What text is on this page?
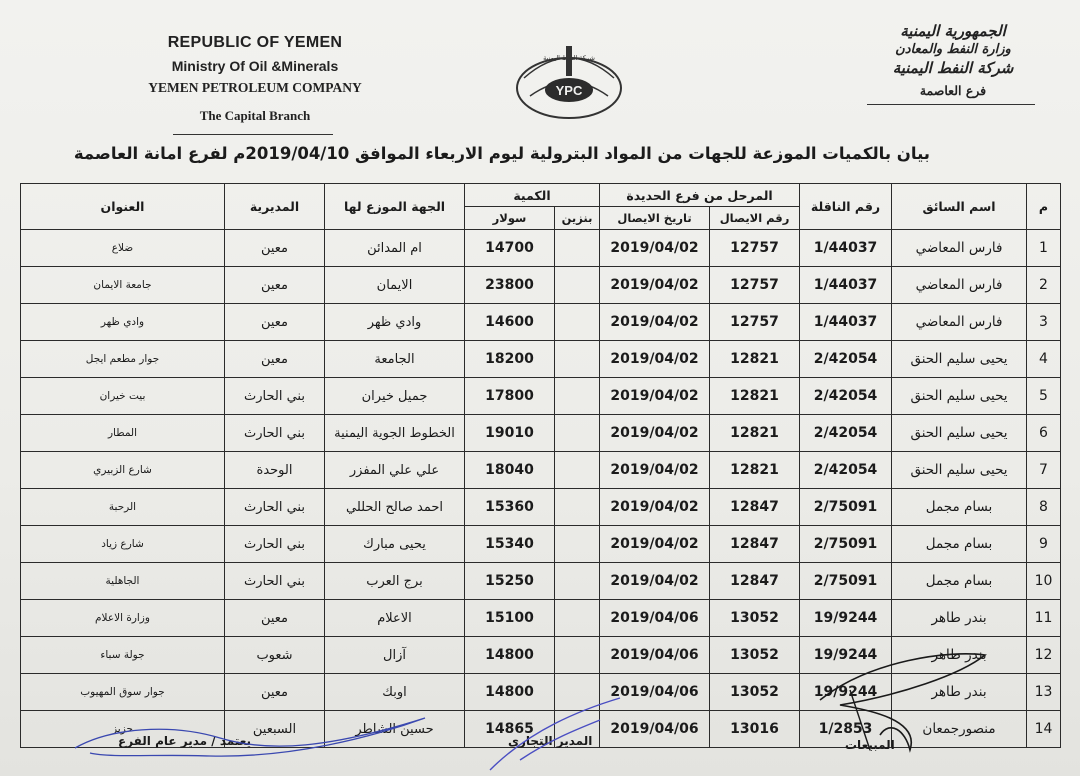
REPUBLIC OF YEMEN
Ministry Of Oil &Minerals
YEMEN PETROLEUM COMPANY
The Capital Branch
YPC
شركة النفط اليمنية
الجمهورية اليمنية
وزارة النفط والمعادن
شركة النفط اليمنية
فرع العاصمة
بيان بالكميات الموزعة للجهات من المواد البترولية ليوم الاربعاء الموافق 2019/04/10م لفرع امانة العاصمة
م	اسم السائق	رقم الناقلة	المرحل من فرع الحديدة		الكمية		الجهة الموزع لها	المديرية	العنوان
			رقم الايصال	تاريخ الايصال	بنزين	سولار			
1	فارس المعاضي	1/44037	12757	2019/04/02		14700	ام المدائن	معين	ضلاع
2	فارس المعاضي	1/44037	12757	2019/04/02		23800	الايمان	معين	جامعة الايمان
3	فارس المعاضي	1/44037	12757	2019/04/02		14600	وادي ظهر	معين	وادي ظهر
4	يحيى سليم الحنق	2/42054	12821	2019/04/02		18200	الجامعة	معين	جوار مطعم ايجل
5	يحيى سليم الحنق	2/42054	12821	2019/04/02		17800	جميل خيران	بني الحارث	بيت خيران
6	يحيى سليم الحنق	2/42054	12821	2019/04/02		19010	الخطوط الجوية اليمنية	بني الحارث	المطار
7	يحيى سليم الحنق	2/42054	12821	2019/04/02		18040	علي علي المفزر	الوحدة	شارع الزبيري
8	بسام مجمل	2/75091	12847	2019/04/02		15360	احمد صالح الحللي	بني الحارث	الرحبة
9	بسام مجمل	2/75091	12847	2019/04/02		15340	يحيى مبارك	بني الحارث	شارع زياد
10	بسام مجمل	2/75091	12847	2019/04/02		15250	برج العرب	بني الحارث	الجاهلية
11	بندر طاهر	19/9244	13052	2019/04/06		15100	الاعلام	معين	وزارة الاعلام
12	بندر طاهر	19/9244	13052	2019/04/06		14800	آزال	شعوب	جولة سباء
13	بندر طاهر	19/9244	13052	2019/04/06		14800	اوبك	معين	جوار سوق المهيوب
14	منصورجمعان	1/2853	13016	2019/04/06		14865	حسين الشاطر	السبعين	حزيز
المبيعات
المدير التجاري
يعتمد / مدير عام الفرع
